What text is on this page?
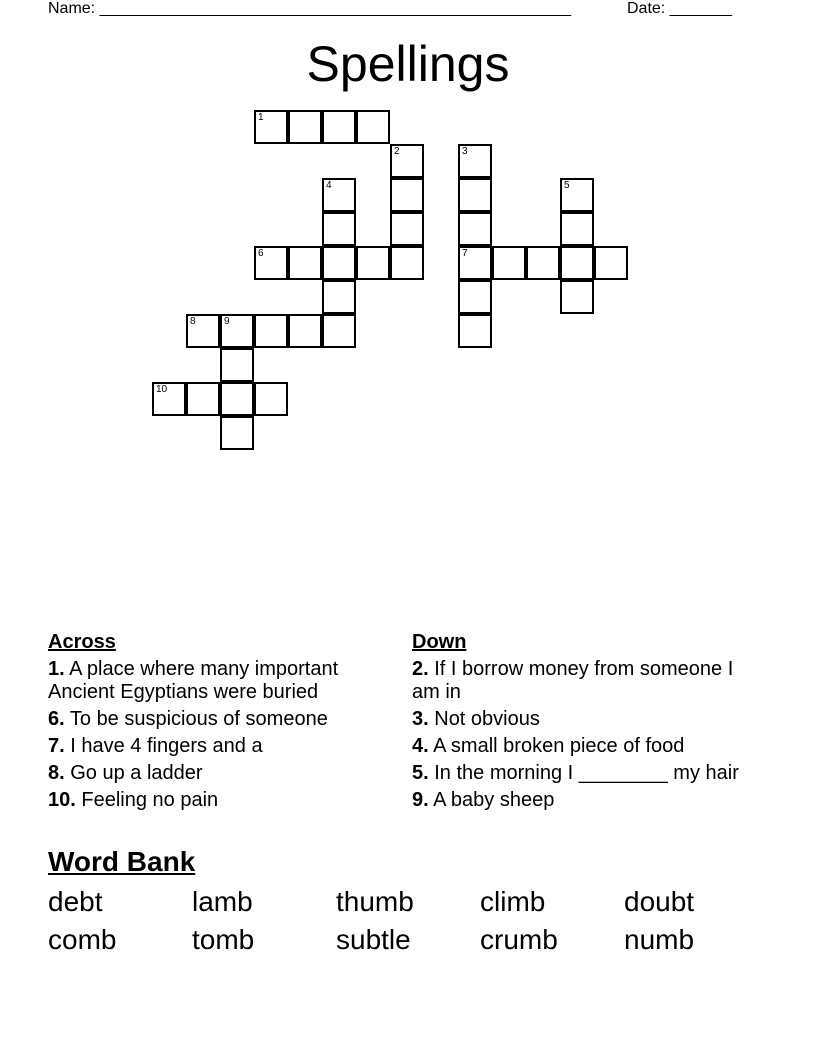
Name: _____________________________________________________	Date: _______
Spellings
1
2	3
4	5
6	7
8	9
10
Across
1. A place where many important Ancient Egyptians were buried
6. To be suspicious of someone
7. I have 4 fingers and a
8. Go up a ladder
10. Feeling no pain
Down
2. If I borrow money from someone I am in
3. Not obvious
4. A small broken piece of food
5. In the morning I ________ my hair
9. A baby sheep
Word Bank
debt	lamb	thumb	climb	doubt
comb	tomb	subtle	crumb	numb
